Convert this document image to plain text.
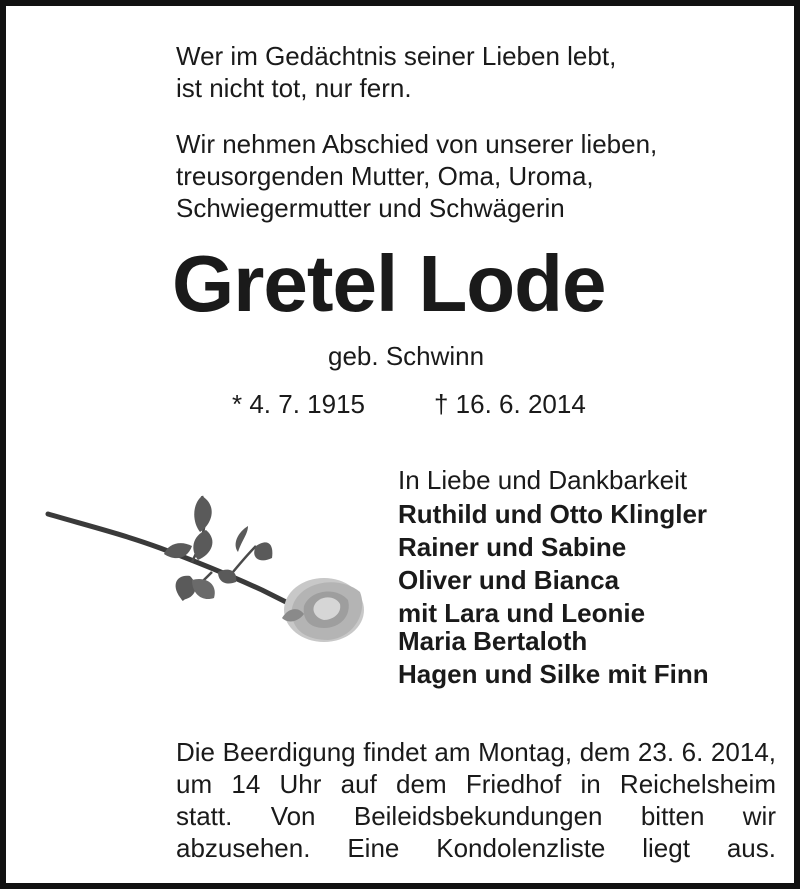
Wer im Gedächtnis seiner Lieben lebt,
ist nicht tot, nur fern.
Wir nehmen Abschied von unserer lieben,
treusorgenden Mutter, Oma, Uroma,
Schwiegermutter und Schwägerin
Gretel Lode
geb. Schwinn
* 4. 7. 1915	† 16. 6. 2014
In Liebe und Dankbarkeit
Ruthild und Otto Klingler
Rainer und Sabine
Oliver und Bianca
mit Lara und Leonie
Maria Bertaloth
Hagen und Silke mit Finn
Die Beerdigung findet am Montag, dem 23. 6. 2014,
um 14 Uhr auf dem Friedhof in Reichelsheim
statt. Von Beileidsbekundungen bitten wir
abzusehen. Eine Kondolenzliste liegt aus.
